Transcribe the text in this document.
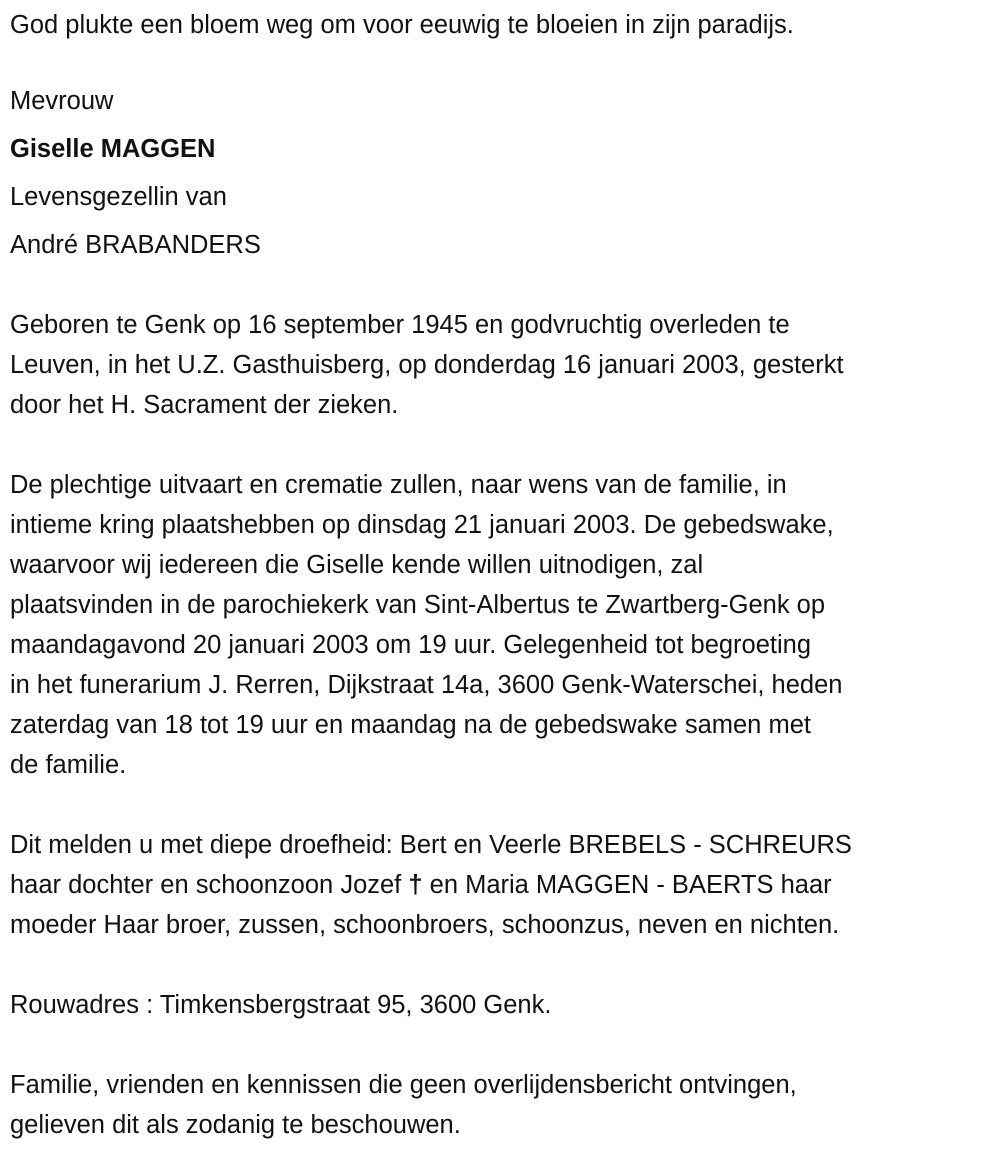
God plukte een bloem weg om voor eeuwig te bloeien in zijn paradijs.
Mevrouw
Giselle MAGGEN
Levensgezellin van
André BRABANDERS
Geboren te Genk op 16 september 1945 en godvruchtig overleden te
Leuven, in het U.Z. Gasthuisberg, op donderdag 16 januari 2003, gesterkt
door het H. Sacrament der zieken.
De plechtige uitvaart en crematie zullen, naar wens van de familie, in
intieme kring plaatshebben op dinsdag 21 januari 2003. De gebedswake,
waarvoor wij iedereen die Giselle kende willen uitnodigen, zal
plaatsvinden in de parochiekerk van Sint-Albertus te Zwartberg-Genk op
maandagavond 20 januari 2003 om 19 uur. Gelegenheid tot begroeting
in het funerarium J. Rerren, Dijkstraat 14a, 3600 Genk-Waterschei, heden
zaterdag van 18 tot 19 uur en maandag na de gebedswake samen met
de familie.
Dit melden u met diepe droefheid: Bert en Veerle BREBELS - SCHREURS
haar dochter en schoonzoon Jozef † en Maria MAGGEN - BAERTS haar
moeder Haar broer, zussen, schoonbroers, schoonzus, neven en nichten.
Rouwadres : Timkensbergstraat 95, 3600 Genk.
Familie, vrienden en kennissen die geen overlijdensbericht ontvingen,
gelieven dit als zodanig te beschouwen.
